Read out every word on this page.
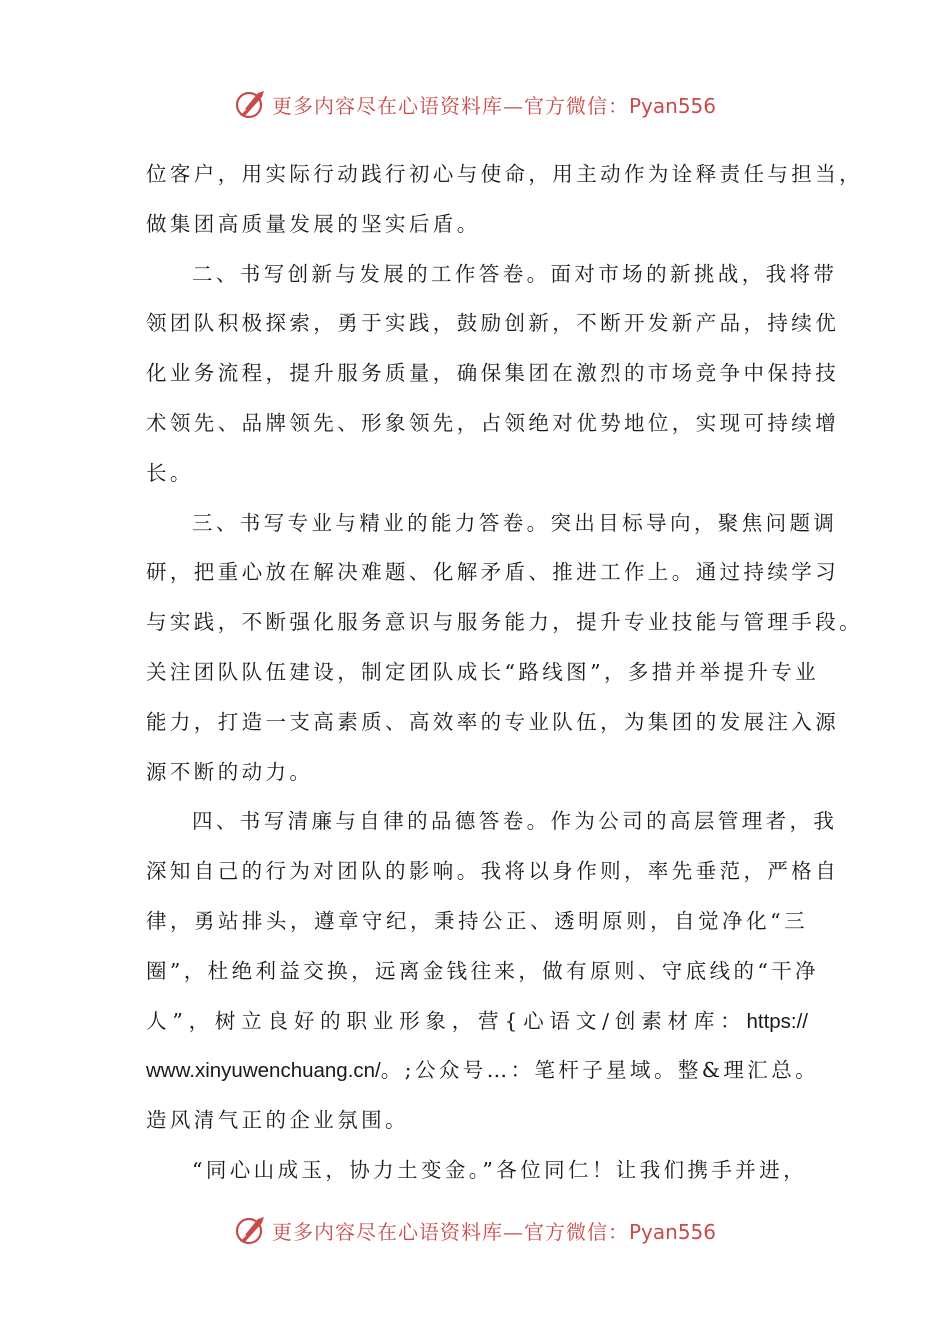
更多内容尽在心语资料库—官方微信：Pyan556
位客户，用实际行动践行初心与使命，用主动作为诠释责任与担当，
做集团高质量发展的坚实后盾。
二、书写创新与发展的工作答卷。面对市场的新挑战，我将带
领团队积极探索，勇于实践，鼓励创新，不断开发新产品，持续优
化业务流程，提升服务质量，确保集团在激烈的市场竞争中保持技
术领先、品牌领先、形象领先，占领绝对优势地位，实现可持续增
长。
三、书写专业与精业的能力答卷。突出目标导向，聚焦问题调
研，把重心放在解决难题、化解矛盾、推进工作上。通过持续学习
与实践，不断强化服务意识与服务能力，提升专业技能与管理手段。
关注团队队伍建设，制定团队成长“路线图”，多措并举提升专业
能力，打造一支高素质、高效率的专业队伍，为集团的发展注入源
源不断的动力。
四、书写清廉与自律的品德答卷。作为公司的高层管理者，我
深知自己的行为对团队的影响。我将以身作则，率先垂范，严格自
律，勇站排头，遵章守纪，秉持公正、透明原则，自觉净化“三
圈”，杜绝利益交换，远离金钱往来，做有原则、守底线的“干净
人”，树立良好的职业形象，营{心语文/创素材库：https://
www.xinyuwenchuang.cn/。;公众号…：笔杆子星域。整&理汇总。
造风清气正的企业氛围。
“同心山成玉，协力土变金。”各位同仁！让我们携手并进，
更多内容尽在心语资料库—官方微信：Pyan556
